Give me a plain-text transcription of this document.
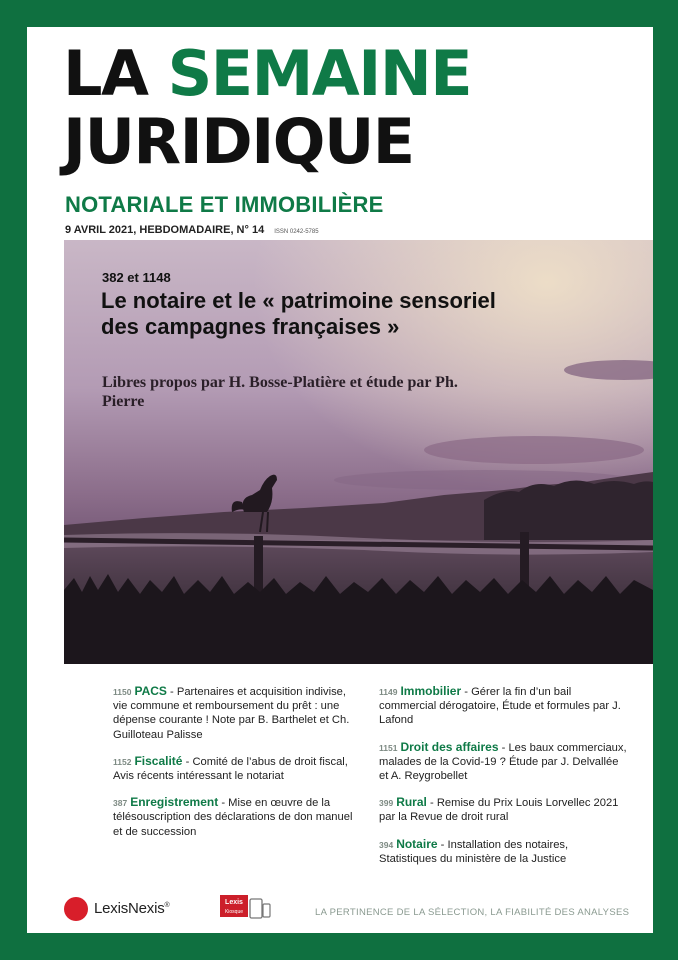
LA SEMAINE
JURIDIQUE
NOTARIALE ET IMMOBILIÈRE
9 AVRIL 2021, HEBDOMADAIRE, N° 14 ISSN 0242-5785
382 et 1148
Le notaire et le « patrimoine sensoriel des campagnes françaises »
Libres propos par H. Bosse-Platière et étude par Ph. Pierre
1150 PACS - Partenaires et acquisition indivise, vie commune et remboursement du prêt : une dépense courante ! Note par B. Barthelet et Ch. Guilloteau Palisse
1152 Fiscalité - Comité de l’abus de droit fiscal, Avis récents intéressant le notariat
387 Enregistrement - Mise en œuvre de la télésouscription des déclarations de don manuel et de succession
1149 Immobilier - Gérer la fin d’un bail commercial dérogatoire, Étude et formules par J. Lafond
1151 Droit des affaires - Les baux commerciaux, malades de la Covid-19 ? Étude par J. Delvallée et A. Reygrobellet
399 Rural - Remise du Prix Louis Lorvellec 2021 par la Revue de droit rural
394 Notaire - Installation des notaires, Statistiques du ministère de la Justice
LexisNexis®	Lexis
Kiosque	LA PERTINENCE DE LA SÉLECTION, LA FIABILITÉ DES ANALYSES
